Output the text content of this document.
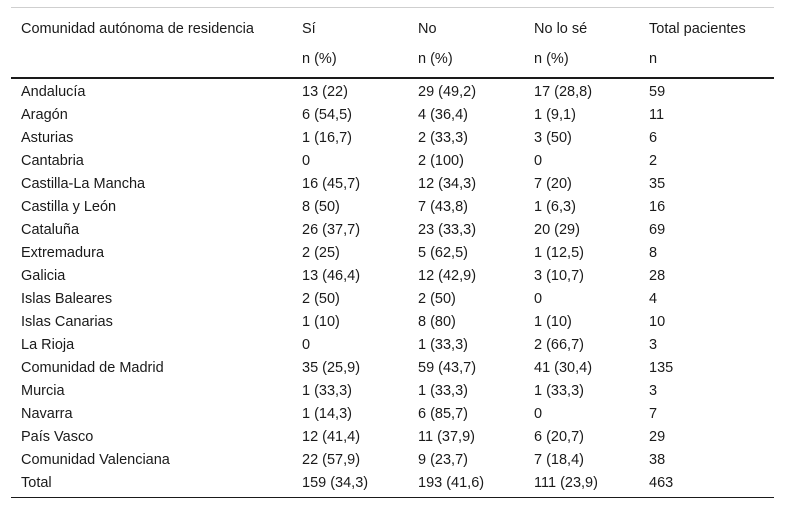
Comunidad autónoma de residencia	Sí	No	No lo sé	Total pacientes
	n (%)	n (%)	n (%)	n
Andalucía	13 (22)	29 (49,2)	17 (28,8)	59
Aragón	6 (54,5)	4 (36,4)	1 (9,1)	11
Asturias	1 (16,7)	2 (33,3)	3 (50)	6
Cantabria	0	2 (100)	0	2
Castilla-La Mancha	16 (45,7)	12 (34,3)	7 (20)	35
Castilla y León	8 (50)	7 (43,8)	1 (6,3)	16
Cataluña	26 (37,7)	23 (33,3)	20 (29)	69
Extremadura	2 (25)	5 (62,5)	1 (12,5)	8
Galicia	13 (46,4)	12 (42,9)	3 (10,7)	28
Islas Baleares	2 (50)	2 (50)	0	4
Islas Canarias	1 (10)	8 (80)	1 (10)	10
La Rioja	0	1 (33,3)	2 (66,7)	3
Comunidad de Madrid	35 (25,9)	59 (43,7)	41 (30,4)	135
Murcia	1 (33,3)	1 (33,3)	1 (33,3)	3
Navarra	1 (14,3)	6 (85,7)	0	7
País Vasco	12 (41,4)	11 (37,9)	6 (20,7)	29
Comunidad Valenciana	22 (57,9)	9 (23,7)	7 (18,4)	38
Total	159 (34,3)	193 (41,6)	111 (23,9)	463
